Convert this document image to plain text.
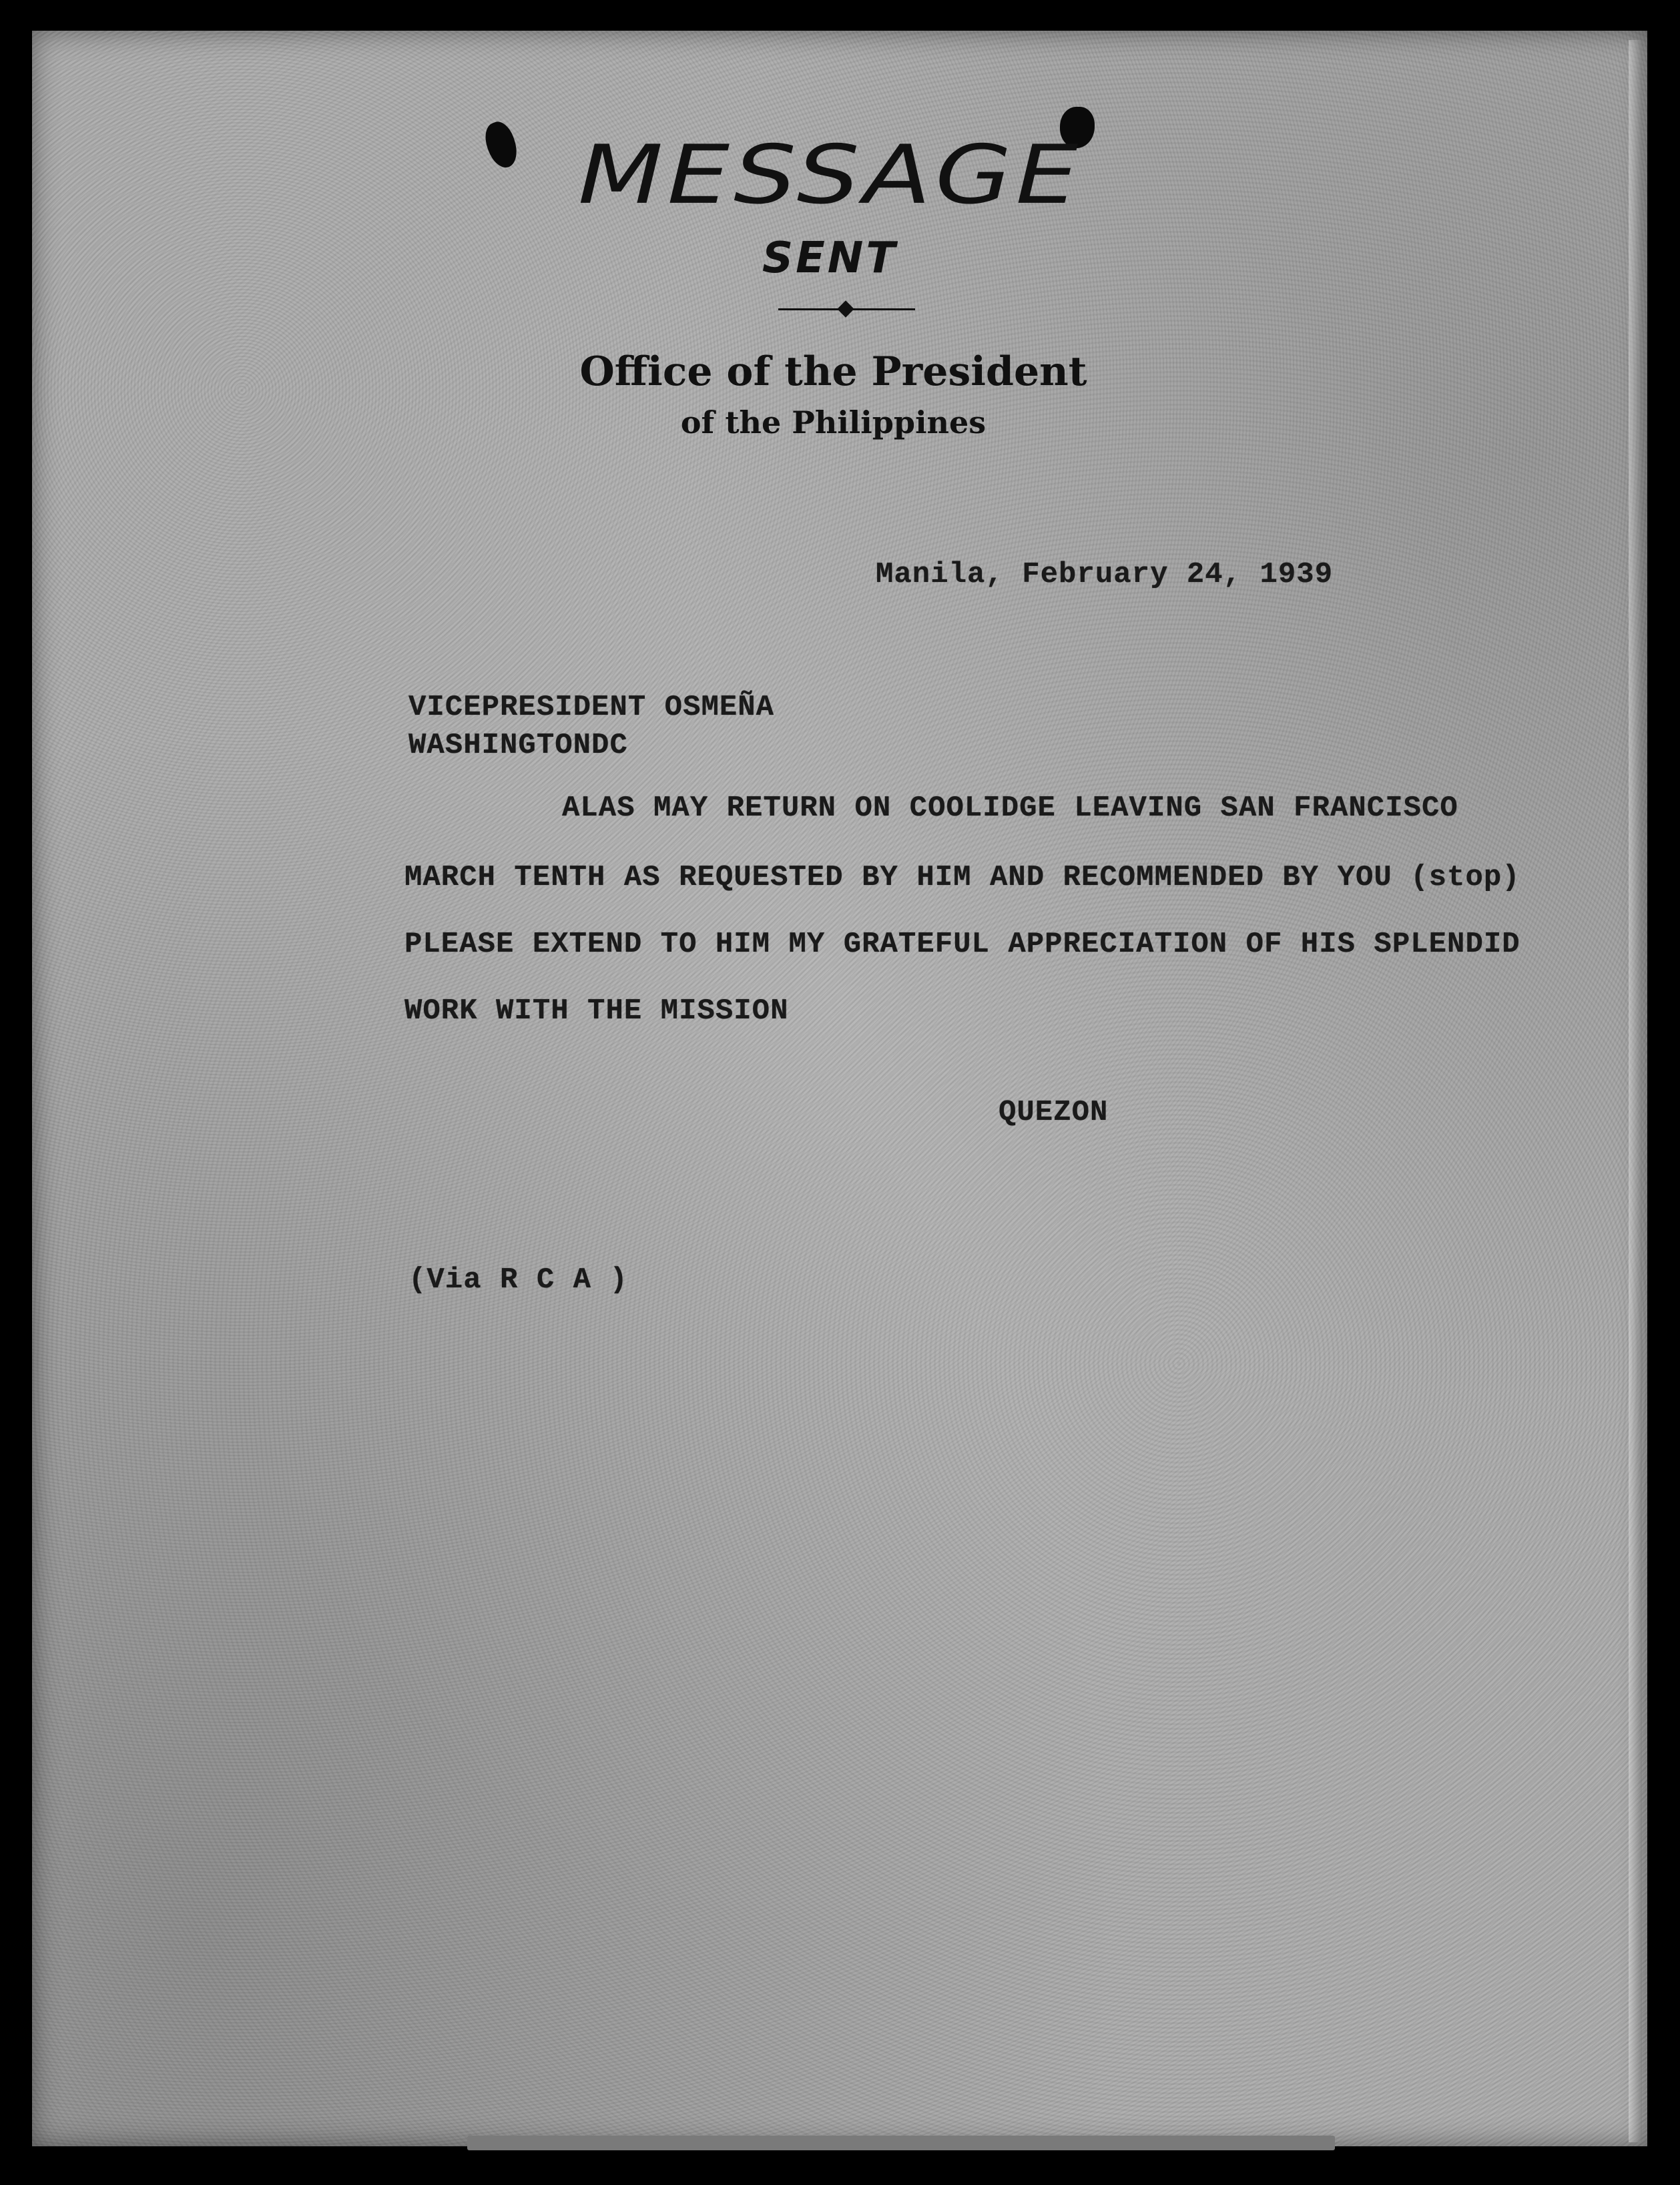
MESSAGE
SENT
Office of the President
of the Philippines
Manila, February 24, 1939
VICEPRESIDENT OSMEÑA
WASHINGTONDC
ALAS MAY RETURN ON COOLIDGE LEAVING SAN FRANCISCO
MARCH TENTH AS REQUESTED BY HIM AND RECOMMENDED BY YOU (stop)
PLEASE EXTEND TO HIM MY GRATEFUL APPRECIATION OF HIS SPLENDID
WORK WITH THE MISSION
QUEZON
(Via R C A )
